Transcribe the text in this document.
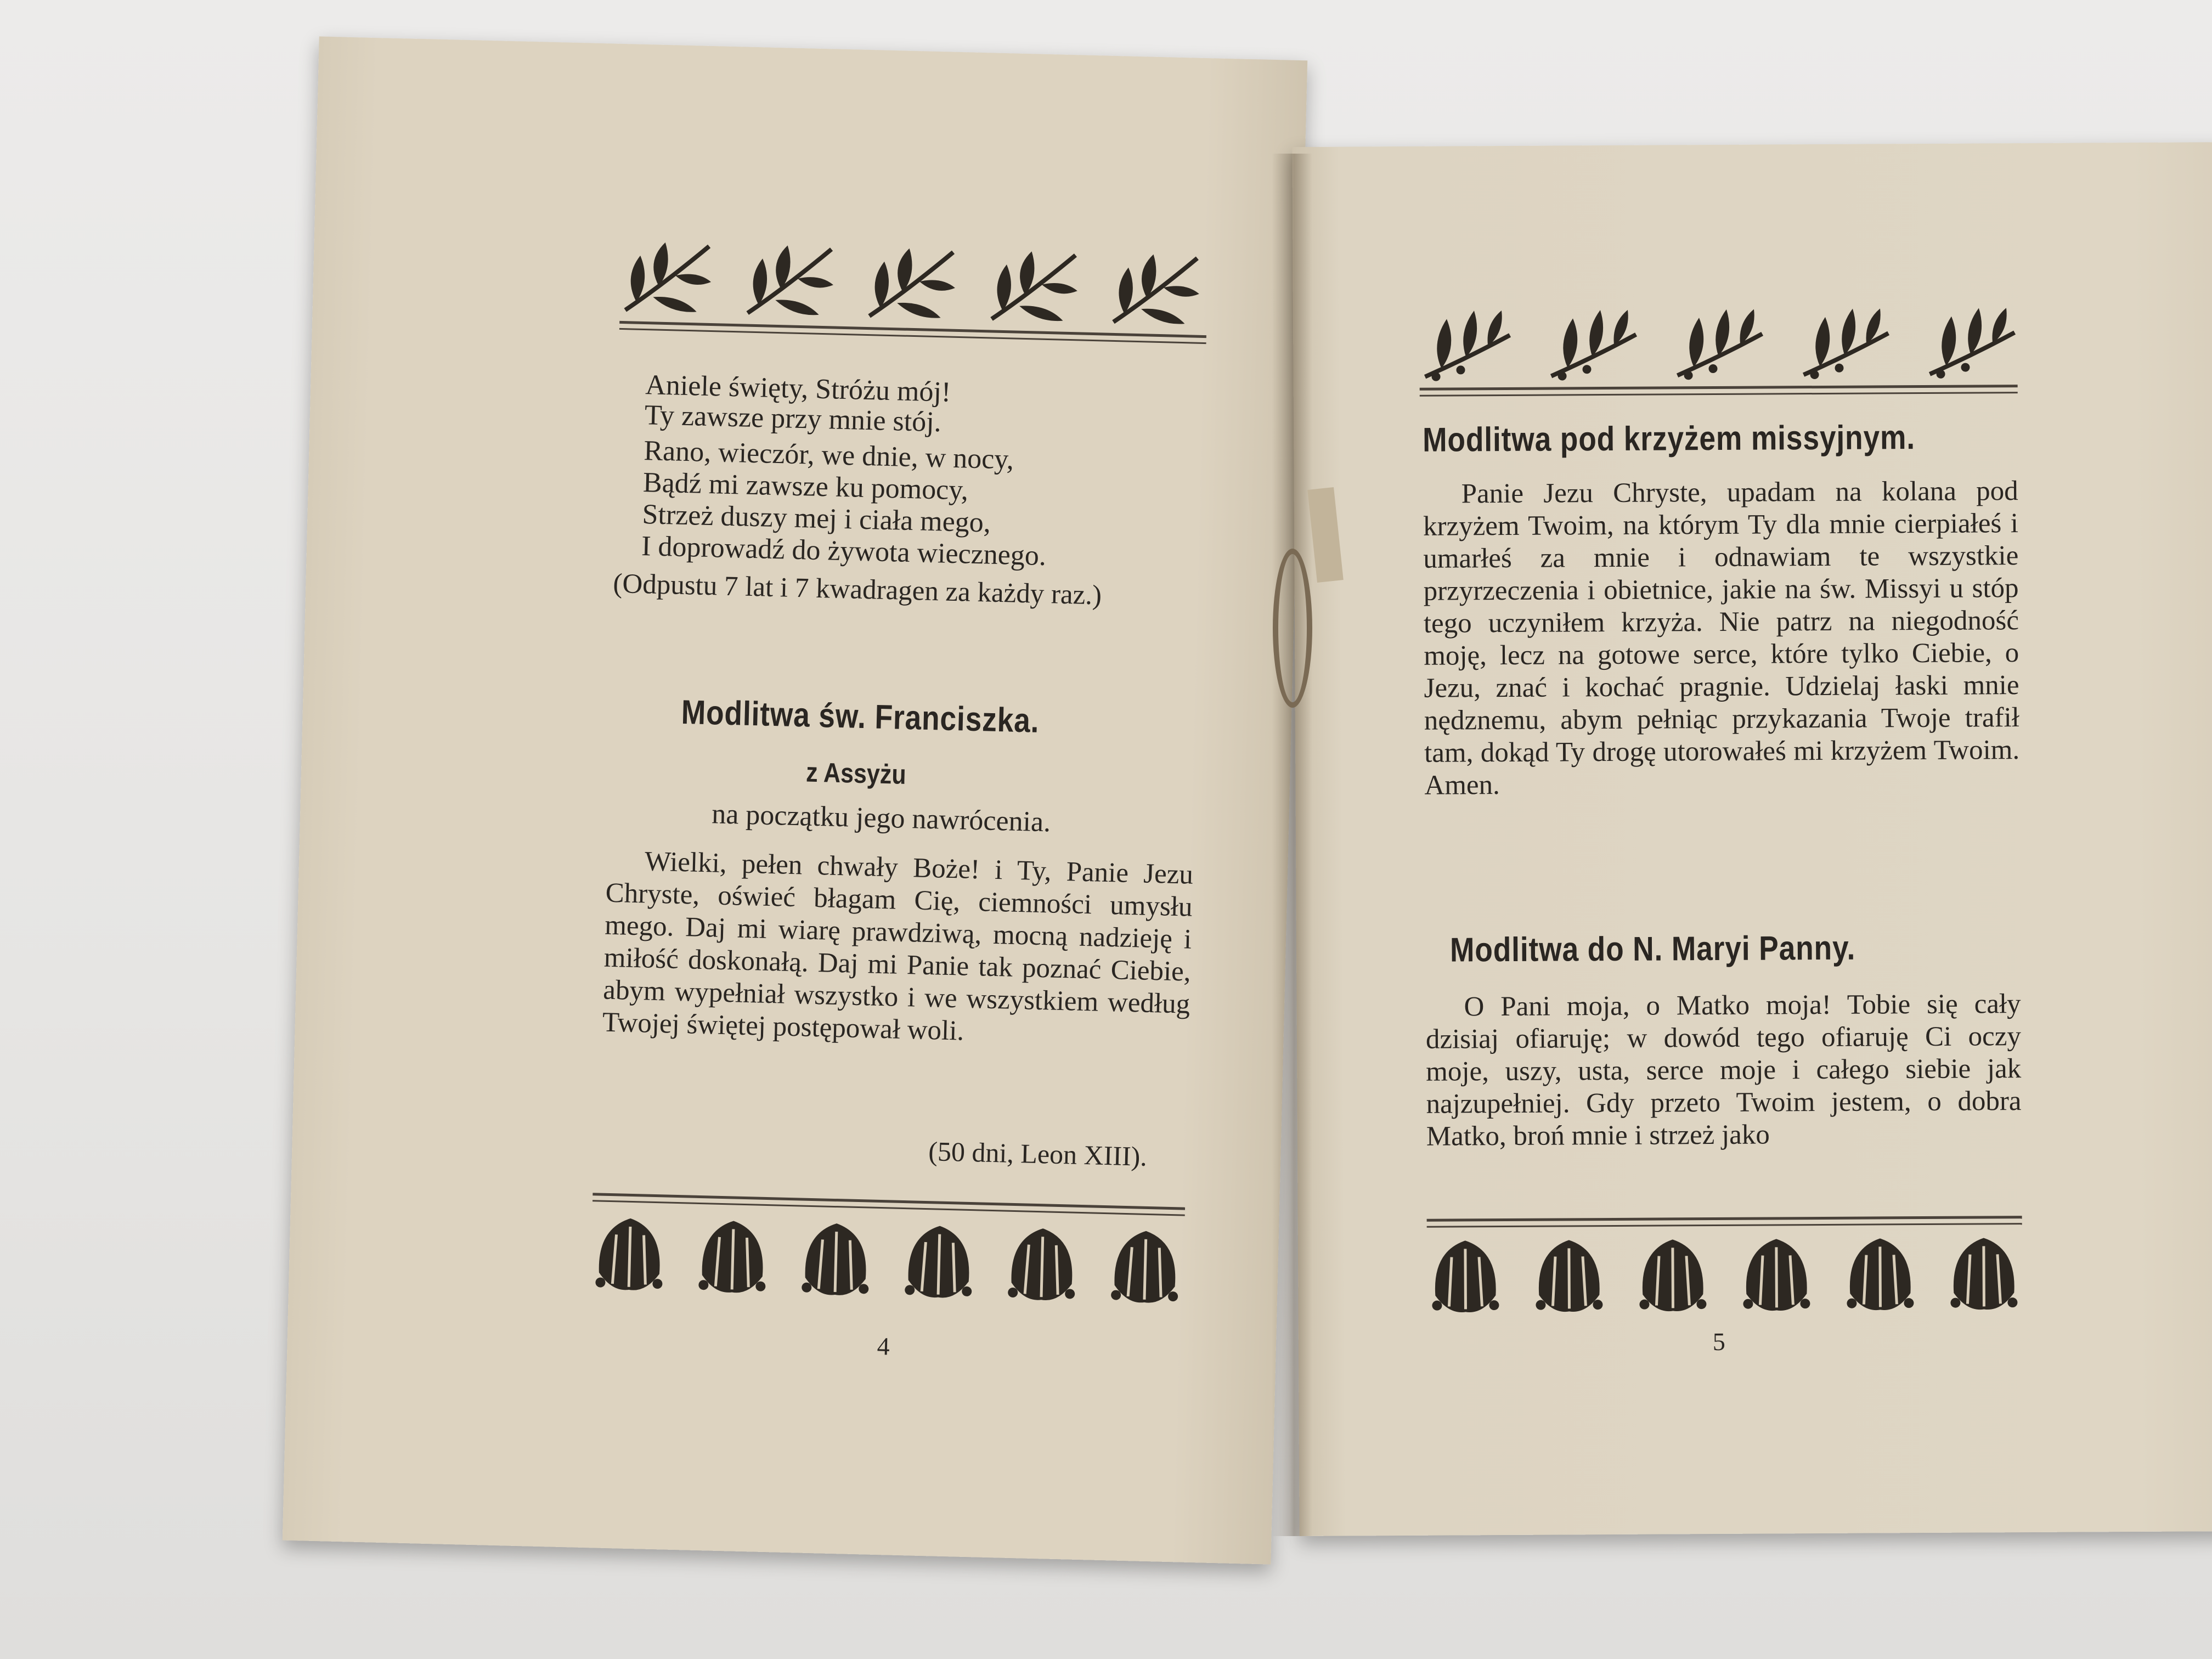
Aniele święty, Stróżu mój!
Ty zawsze przy mnie stój.
Rano, wieczór, we dnie, w nocy,
Bądź mi zawsze ku pomocy,
Strzeż duszy mej i ciała mego,
I doprowadź do żywota wiecznego.
(Odpustu 7 lat i 7 kwadragen za każdy raz.)
Modlitwa św. Franciszka.
z Assyżu
na początku jego nawrócenia.
Wielki, pełen chwały Boże! i Ty, Panie Jezu Chryste, oświeć błagam Cię, ciemności umysłu mego. Daj mi wiarę prawdziwą, mocną nadzieję i miłość doskonałą. Daj mi Panie tak poznać Ciebie, abym wypełniał wszystko i we wszystkiem według Twojej świętej postępował woli.
(50 dni, Leon XIII).
4
Modlitwa pod krzyżem missyjnym.
Panie Jezu Chryste, upadam na kolana pod krzyżem Twoim, na którym Ty dla mnie cierpiałeś i umarłeś za mnie i odnawiam te wszystkie przyrzeczenia i obietnice, jakie na św. Missyi u stóp tego uczyniłem krzyża. Nie patrz na niegodność moję, lecz na gotowe serce, które tylko Ciebie, o Jezu, znać i kochać pragnie. Udzielaj łaski mnie nędznemu, abym pełniąc przykazania Twoje trafił tam, dokąd Ty drogę utorowałeś mi krzyżem Twoim. Amen.
Modlitwa do N. Maryi Panny.
O Pani moja, o Matko moja! Tobie się cały dzisiaj ofiaruję; w dowód tego ofiaruję Ci oczy moje, uszy, usta, serce moje i całego siebie jak najzupełniej. Gdy przeto Twoim jestem, o dobra Matko, broń mnie i strzeż jako
5
